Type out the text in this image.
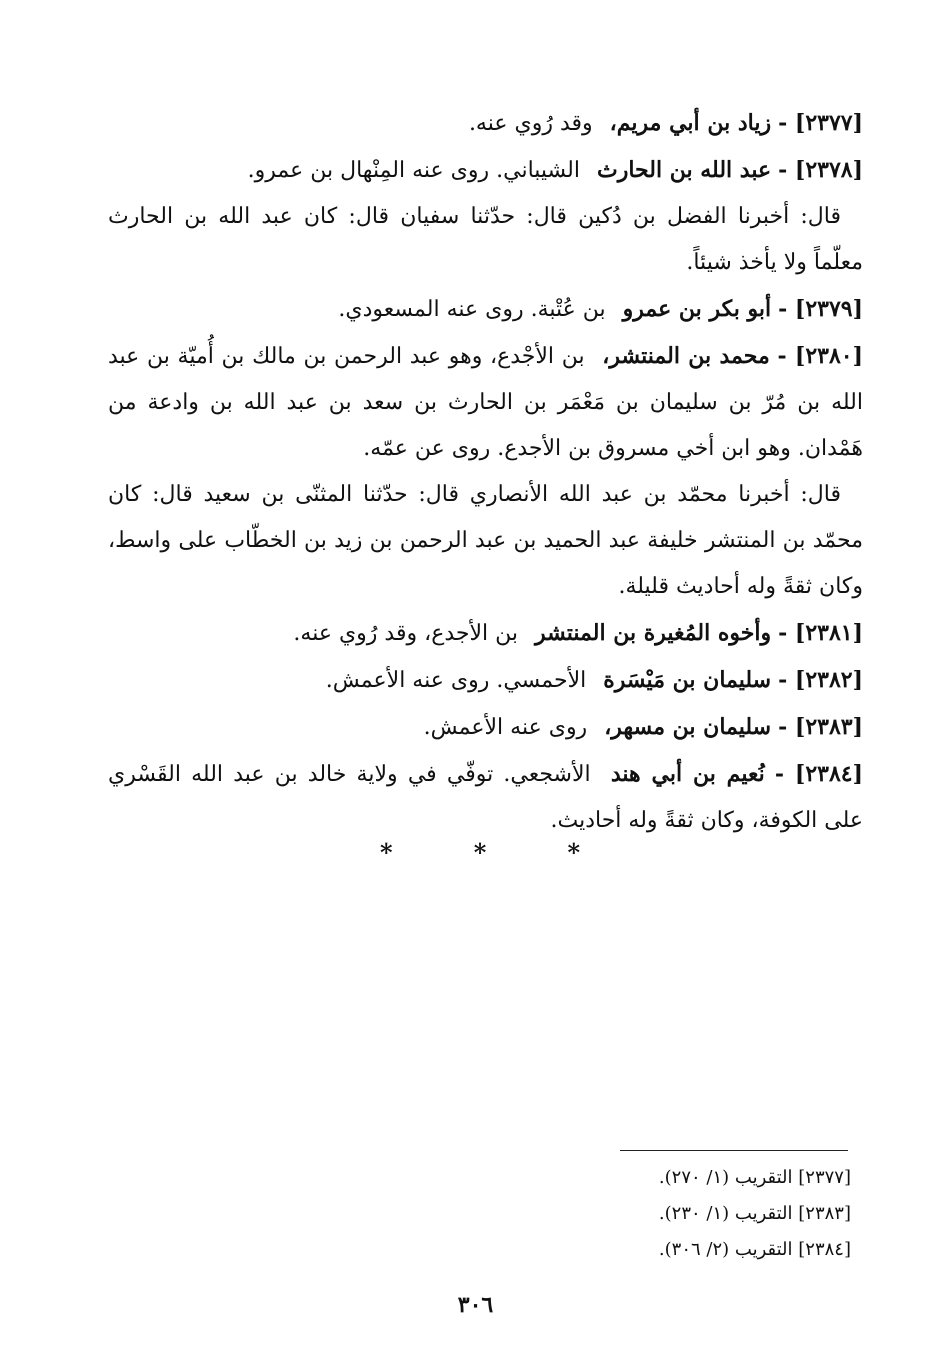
[٢٣٧٧] - زياد بن أبي مريم، وقد رُوي عنه.

[٢٣٧٨] - عبد الله بن الحارث الشيباني. روى عنه المِنْهال بن عمرو.

قال: أخبرنا الفضل بن دُكين قال: حدّثنا سفيان قال: كان عبد الله بن الحارث معلّماً ولا يأخذ شيئاً.

[٢٣٧٩] - أبو بكر بن عمرو بن عُتْبة. روى عنه المسعودي.

[٢٣٨٠] - محمد بن المنتشر، بن الأجْدع، وهو عبد الرحمن بن مالك بن أُميّة بن عبد الله بن مُرّ بن سليمان بن مَعْمَر بن الحارث بن سعد بن عبد الله بن وادعة من هَمْدان. وهو ابن أخي مسروق بن الأجدع. روى عن عمّه.

قال: أخبرنا محمّد بن عبد الله الأنصاري قال: حدّثنا المثنّى بن سعيد قال: كان محمّد بن المنتشر خليفة عبد الحميد بن عبد الرحمن بن زيد بن الخطّاب على واسط، وكان ثقةً وله أحاديث قليلة.

[٢٣٨١] - وأخوه المُغيرة بن المنتشر بن الأجدع، وقد رُوي عنه.

[٢٣٨٢] - سليمان بن مَيْسَرة الأحمسي. روى عنه الأعمش.

[٢٣٨٣] - سليمان بن مسهر، روى عنه الأعمش.

[٢٣٨٤] - نُعيم بن أبي هند الأشجعي. توفّي في ولاية خالد بن عبد الله القَسْري على الكوفة، وكان ثقةً وله أحاديث.

*	*	*

[٢٣٧٧] التقريب (١/ ٢٧٠).

[٢٣٨٣] التقريب (١/ ٢٣٠).

[٢٣٨٤] التقريب (٢/ ٣٠٦).

٣٠٦
